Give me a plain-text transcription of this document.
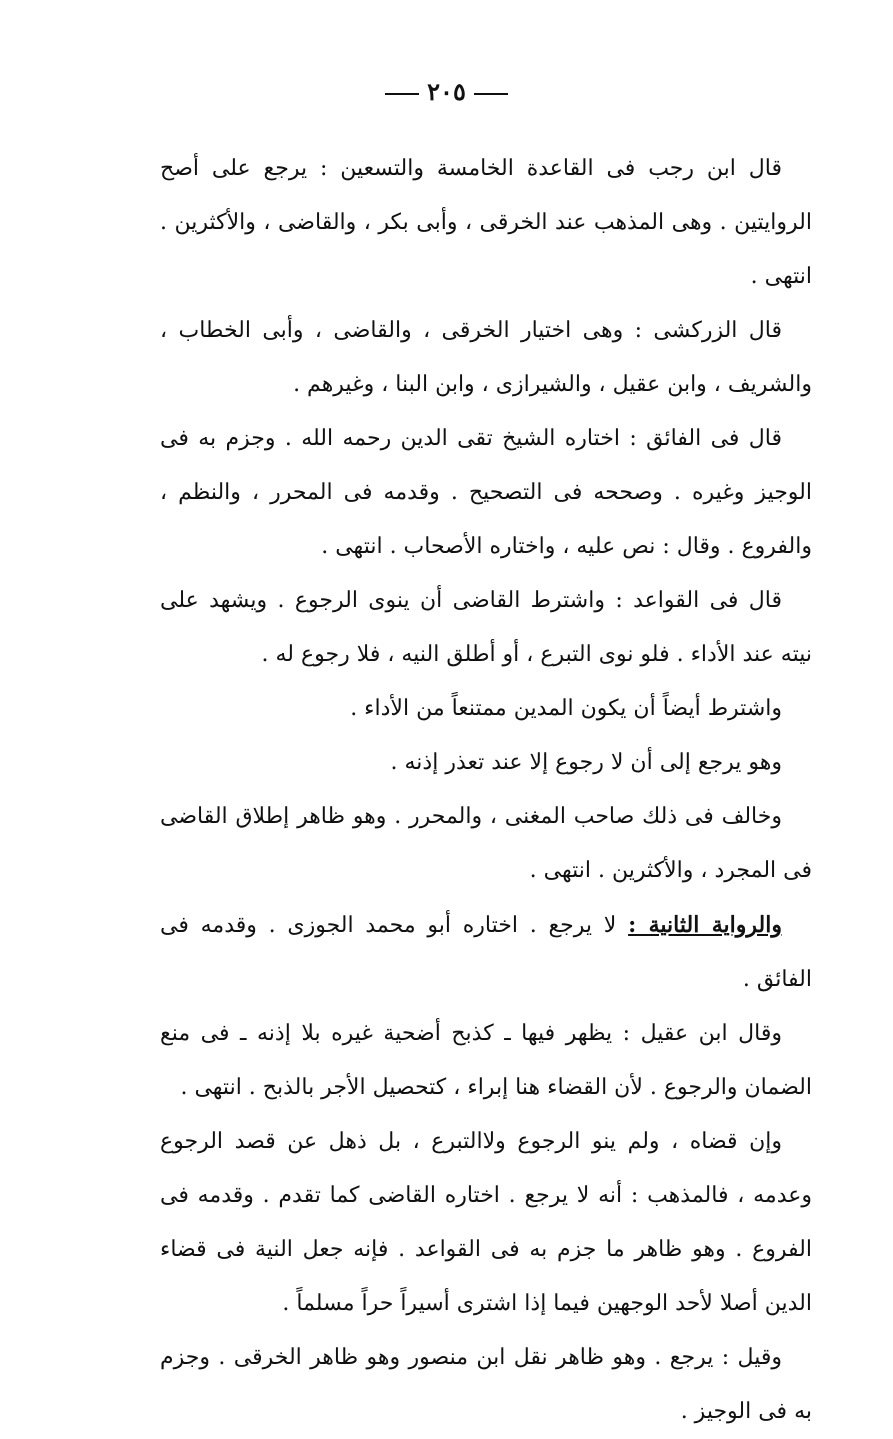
٢٠٥

قال ابن رجب فى القاعدة الخامسة والتسعين : يرجع على أصح الروايتين . وهى المذهب عند الخرقى ، وأبى بكر ، والقاضى ، والأكثرين . انتهى .

قال الزركشى : وهى اختيار الخرقى ، والقاضى ، وأبى الخطاب ، والشريف ، وابن عقيل ، والشيرازى ، وابن البنا ، وغيرهم .

قال فى الفائق : اختاره الشيخ تقى الدين رحمه الله . وجزم به فى الوجيز وغيره . وصححه فى التصحيح . وقدمه فى المحرر ، والنظم ، والفروع . وقال : نص عليه ، واختاره الأصحاب . انتهى .

قال فى القواعد : واشترط القاضى أن ينوى الرجوع . ويشهد على نيته عند الأداء . فلو نوى التبرع ، أو أطلق النيه ، فلا رجوع له .

واشترط أيضاً أن يكون المدين ممتنعاً من الأداء .

وهو يرجع إلى أن لا رجوع إلا عند تعذر إذنه .

وخالف فى ذلك صاحب المغنى ، والمحرر . وهو ظاهر إطلاق القاضى فى المجرد ، والأكثرين . انتهى .

والرواية الثانية : لا يرجع . اختاره أبو محمد الجوزى . وقدمه فى الفائق .

وقال ابن عقيل : يظهر فيها ـ كذبح أضحية غيره بلا إذنه ـ فى منع الضمان والرجوع . لأن القضاء هنا إبراء ، كتحصيل الأجر بالذبح . انتهى .

وإن قضاه ، ولم ينو الرجوع ولاالتبرع ، بل ذهل عن قصد الرجوع وعدمه ، فالمذهب : أنه لا يرجع . اختاره القاضى كما تقدم . وقدمه فى الفروع . وهو ظاهر ما جزم به فى القواعد . فإنه جعل النية فى قضاء الدين أصلا لأحد الوجهين فيما إذا اشترى أسيراً حراً مسلماً .

وقيل : يرجع . وهو ظاهر نقل ابن منصور وهو ظاهر الخرقى . وجزم به فى الوجيز .
